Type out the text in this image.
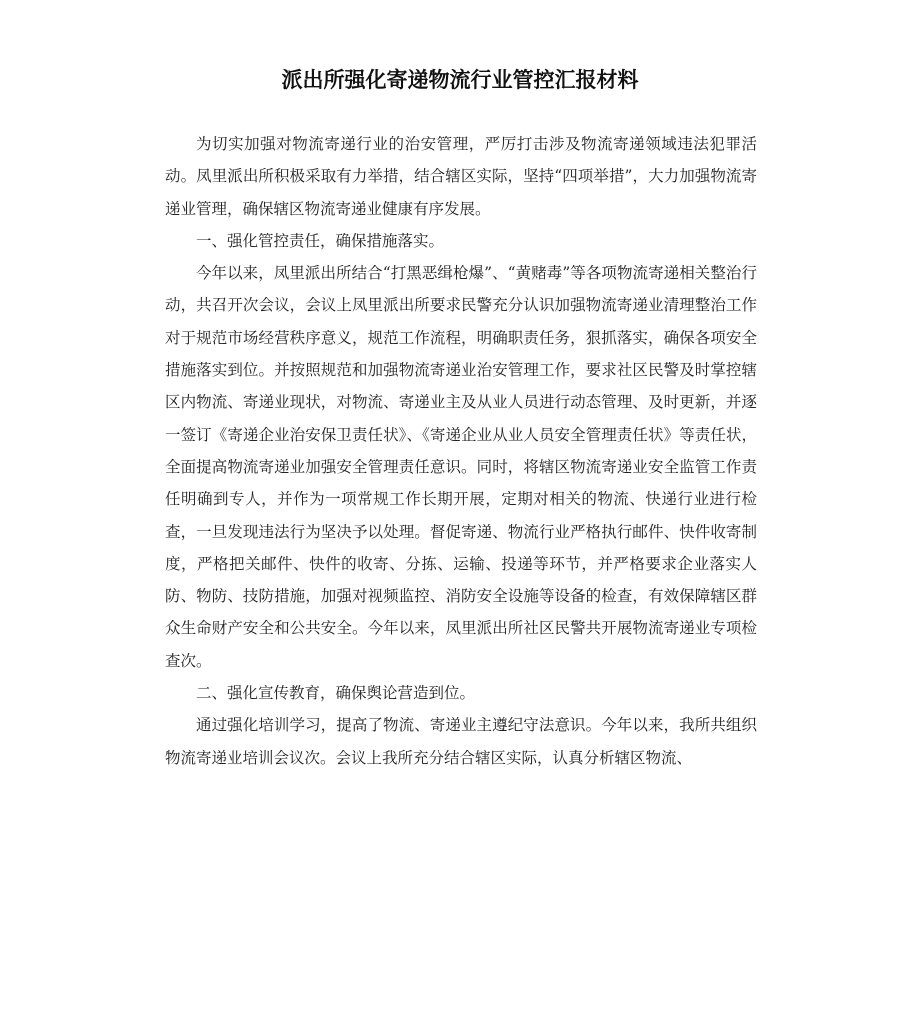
派出所强化寄递物流行业管控汇报材料

为切实加强对物流寄递行业的治安管理，严厉打击涉及物流寄递领域违法犯罪活动。凤里派出所积极采取有力举措，结合辖区实际，坚持“四项举措”，大力加强物流寄递业管理，确保辖区物流寄递业健康有序发展。

一、强化管控责任，确保措施落实。

今年以来，凤里派出所结合“打黑恶缉枪爆”、“黄赌毒”等各项物流寄递相关整治行动，共召开次会议，会议上凤里派出所要求民警充分认识加强物流寄递业清理整治工作对于规范市场经营秩序意义，规范工作流程，明确职责任务，狠抓落实，确保各项安全措施落实到位。并按照规范和加强物流寄递业治安管理工作，要求社区民警及时掌控辖区内物流、寄递业现状，对物流、寄递业主及从业人员进行动态管理、及时更新，并逐一签订《寄递企业治安保卫责任状》、《寄递企业从业人员安全管理责任状》等责任状，全面提高物流寄递业加强安全管理责任意识。同时，将辖区物流寄递业安全监管工作责任明确到专人，并作为一项常规工作长期开展，定期对相关的物流、快递行业进行检查，一旦发现违法行为坚决予以处理。督促寄递、物流行业严格执行邮件、快件收寄制度，严格把关邮件、快件的收寄、分拣、运输、投递等环节，并严格要求企业落实人防、物防、技防措施，加强对视频监控、消防安全设施等设备的检查，有效保障辖区群众生命财产安全和公共安全。今年以来，凤里派出所社区民警共开展物流寄递业专项检查次。

二、强化宣传教育，确保舆论营造到位。

通过强化培训学习，提高了物流、寄递业主遵纪守法意识。今年以来，我所共组织物流寄递业培训会议次。会议上我所充分结合辖区实际，认真分析辖区物流、
